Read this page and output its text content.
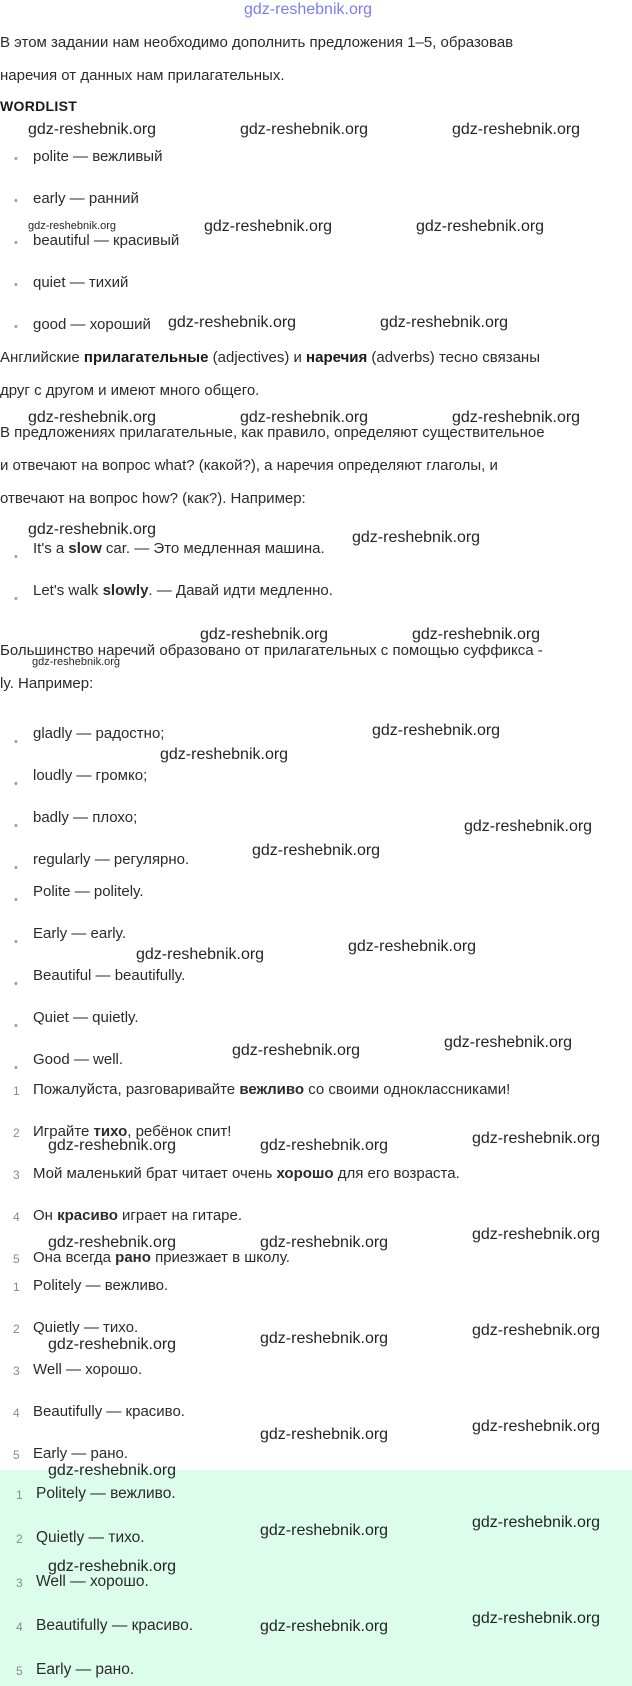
gdz-reshebnik.org
В этом задании нам необходимо дополнить предложения 1–5, образовав
наречия от данных нам прилагательных.
WORDLIST
• polite — вежливый
• early — ранний
• beautiful — красивый
• quiet — тихий
• good — хороший
Английские прилагательные (adjectives) и наречия (adverbs) тесно связаны
друг с другом и имеют много общего.
В предложениях прилагательные, как правило, определяют существительное
и отвечают на вопрос what? (какой?), а наречия определяют глаголы, и
отвечают на вопрос how? (как?). Например:
• It's a slow car. — Это медленная машина.
• Let's walk slowly. — Давай идти медленно.
Большинство наречий образовано от прилагательных с помощью суффикса -
ly. Например:
• gladly — радостно;
• loudly — громко;
• badly — плохо;
• regularly — регулярно.
• Polite — politely.
• Early — early.
• Beautiful — beautifully.
• Quiet — quietly.
• Good — well.
1 Пожалуйста, разговаривайте вежливо со своими одноклассниками!
2 Играйте тихо, ребёнок спит!
3 Мой маленький брат читает очень хорошо для его возраста.
4 Он красиво играет на гитаре.
5 Она всегда рано приезжает в школу.
1 Politely — вежливо.
2 Quietly — тихо.
3 Well — хорошо.
4 Beautifully — красиво.
5 Early — рано.
1 Politely — вежливо.
2 Quietly — тихо.
3 Well — хорошо.
4 Beautifully — красиво.
5 Early — рано.
gdz-reshebnik.org	gdz-reshebnik.org	gdz-reshebnik.org
gdz-reshebnik.org	gdz-reshebnik.org	gdz-reshebnik.org
gdz-reshebnik.org	gdz-reshebnik.org
gdz-reshebnik.org	gdz-reshebnik.org	gdz-reshebnik.org
gdz-reshebnik.org	gdz-reshebnik.org
gdz-reshebnik.org	gdz-reshebnik.org
gdz-reshebnik.org
gdz-reshebnik.org
gdz-reshebnik.org
gdz-reshebnik.org
gdz-reshebnik.org
gdz-reshebnik.org
gdz-reshebnik.org
gdz-reshebnik.org
gdz-reshebnik.org
gdz-reshebnik.org	gdz-reshebnik.org	gdz-reshebnik.org
gdz-reshebnik.org	gdz-reshebnik.org	gdz-reshebnik.org
gdz-reshebnik.org	gdz-reshebnik.org	gdz-reshebnik.org
gdz-reshebnik.org
gdz-reshebnik.org	gdz-reshebnik.org
gdz-reshebnik.org
gdz-reshebnik.org	gdz-reshebnik.org
gdz-reshebnik.org	gdz-reshebnik.org
